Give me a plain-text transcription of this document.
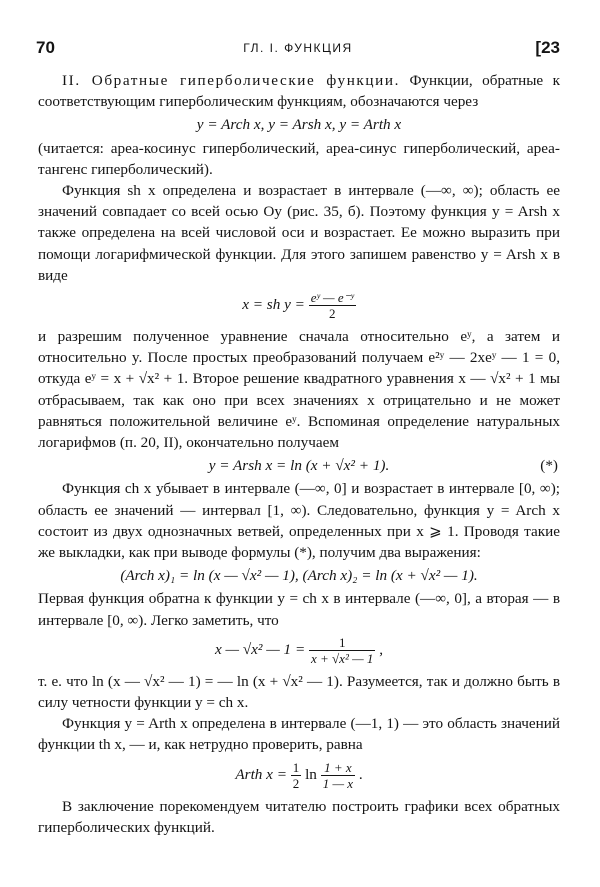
70	ГЛ. I. ФУНКЦИЯ	[23

II. Обратные гиперболические функции. Функции, обратные к соответствующим гиперболическим функциям, обозначаются через

y = Arch x, y = Arsh x, y = Arth x

(читается: ареа-косинус гиперболический, ареа-синус гиперболический, ареа-тангенс гиперболический).

Функция sh x определена и возрастает в интервале (—∞, ∞); область ее значений совпадает со всей осью Oy (рис. 35, б). Поэтому функция y = Arsh x также определена на всей числовой оси и возрастает. Ее можно выразить при помощи логарифмической функции. Для этого запишем равенство y = Arsh x в виде

x = sh $y = \frac{\text{eʸ — e⁻ʸ}}{2}$

и разрешим полученное уравнение сначала относительно eʸ, а затем и относительно y. После простых преобразований получаем e²ʸ — 2xeʸ — 1 = 0, откуда eʸ = x + √x² + 1. Второе решение квадратного уравнения x — √x² + 1 мы отбрасываем, так как оно при всех значениях x отрицательно и не может равняться положительной величине eʸ. Вспоминая определение натуральных логарифмов (п. 20, II), окончательно получаем

y = Arsh x = ln (x + √x² + 1).	(*)

Функция ch x убывает в интервале (—∞, 0] и возрастает в интервале [0, ∞); область ее значений — интервал [1, ∞). Следовательно, функция y = Arch x состоит из двух однозначных ветвей, определенных при x ⩾ 1. Проводя такие же выкладки, как при выводе формулы (*), получим два выражения:

(Arch x)₁ = ln (x — √x² — 1), (Arch x)₂ = ln (x + √x² — 1).

Первая функция обратна к функции y = ch x в интервале (—∞, 0], а вторая — в интервале [0, ∞). Легко заметить, что

x — √x² — $1 = \frac{1}{\text{x + √x² — 1}}$ ,

т. е. что ln (x — √x² — 1) = — ln (x + √x² — 1). Разумеется, так и должно быть в силу четности функции y = ch x.

Функция y = Arth x определена в интервале (—1, 1) — это область значений функции th x, — и, как нетрудно проверить, равна

Arth $x = \frac{1}{2}$ $\ln \frac{1 + x}{1 — x}$ .

В заключение порекомендуем читателю построить графики всех обратных гиперболических функций.
